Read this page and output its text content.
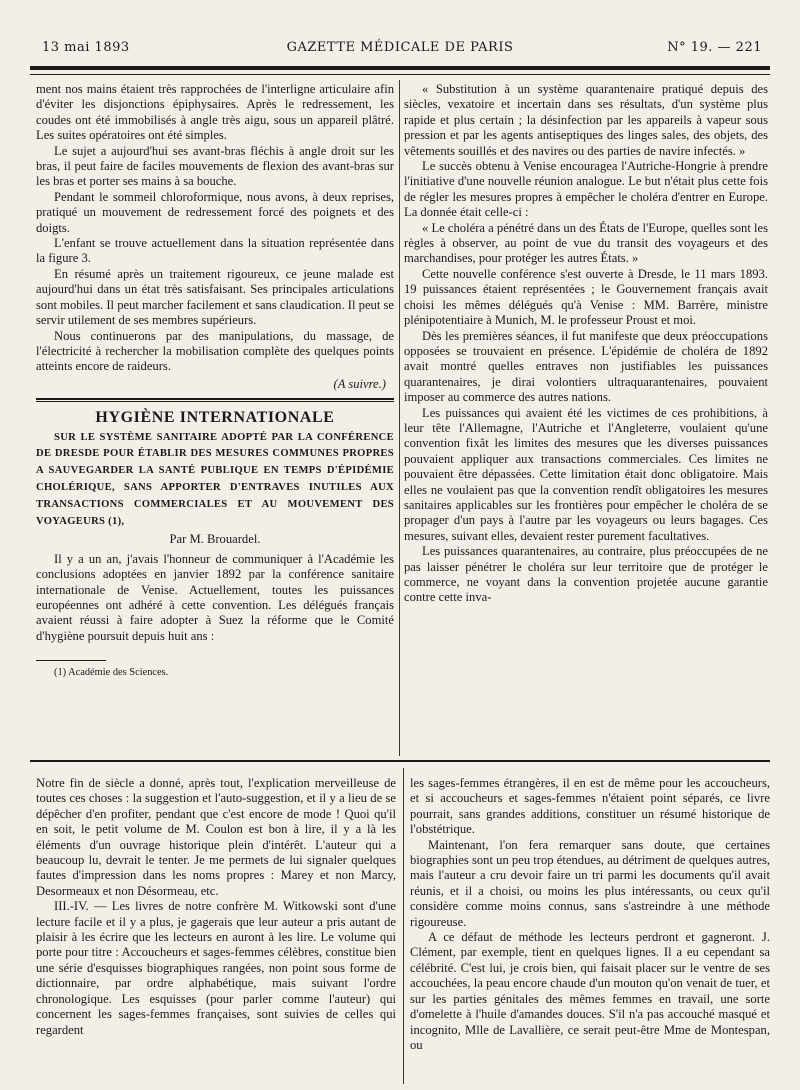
13 mai 1893	GAZETTE MÉDICALE DE PARIS	N° 19. — 221

ment nos mains étaient très rapprochées de l'interligne articulaire afin d'éviter les disjonctions épiphysaires. Après le redressement, les coudes ont été immobilisés à angle très aigu, sous un appareil plâtré. Les suites opératoires ont été simples.

Le sujet a aujourd'hui ses avant-bras fléchis à angle droit sur les bras, il peut faire de faciles mouvements de flexion des avant-bras sur les bras et porter ses mains à sa bouche.

Pendant le sommeil chloroformique, nous avons, à deux reprises, pratiqué un mouvement de redressement forcé des poignets et des doigts.

L'enfant se trouve actuellement dans la situation représentée dans la figure 3.

En résumé après un traitement rigoureux, ce jeune malade est aujourd'hui dans un état très satisfaisant. Ses principales articulations sont mobiles. Il peut marcher facilement et sans claudication. Il peut se servir utilement de ses membres supérieurs.

Nous continuerons par des manipulations, du massage, de l'électricité à rechercher la mobilisation complète des quelques points atteints encore de raideurs.

(A suivre.)
HYGIÈNE INTERNATIONALE

SUR LE SYSTÈME SANITAIRE ADOPTÉ PAR LA CONFÉRENCE DE DRESDE POUR ÉTABLIR DES MESURES COMMUNES PROPRES A SAUVEGARDER LA SANTÉ PUBLIQUE EN TEMPS D'ÉPIDÉMIE CHOLÉRIQUE, SANS APPORTER D'ENTRAVES INUTILES AUX TRANSACTIONS COMMERCIALES ET AU MOUVEMENT DES VOYAGEURS (1),

Par M. Brouardel.

Il y a un an, j'avais l'honneur de communiquer à l'Académie les conclusions adoptées en janvier 1892 par la conférence sanitaire internationale de Venise. Actuellement, toutes les puissances européennes ont adhéré à cette convention. Les délégués français avaient réussi à faire adopter à Suez la réforme que le Comité d'hygiène poursuit depuis huit ans :

(1) Académie des Sciences.

« Substitution à un système quarantenaire pratiqué depuis des siècles, vexatoire et incertain dans ses résultats, d'un système plus rapide et plus certain ; la désinfection par les appareils à vapeur sous pression et par les agents antiseptiques des linges sales, des objets, des vêtements souillés et des navires ou des parties de navire infectés. »

Le succès obtenu à Venise encouragea l'Autriche-Hongrie à prendre l'initiative d'une nouvelle réunion analogue. Le but n'était plus cette fois de régler les mesures propres à empêcher le choléra d'entrer en Europe. La donnée était celle-ci :

« Le choléra a pénétré dans un des États de l'Europe, quelles sont les règles à observer, au point de vue du transit des voyageurs et des marchandises, pour protéger les autres États. »

Cette nouvelle conférence s'est ouverte à Dresde, le 11 mars 1893. 19 puissances étaient représentées ; le Gouvernement français avait choisi les mêmes délégués qu'à Venise : MM. Barrère, ministre plénipotentiaire à Munich, M. le professeur Proust et moi.

Dès les premières séances, il fut manifeste que deux préoccupations opposées se trouvaient en présence. L'épidémie de choléra de 1892 avait montré quelles entraves non justifiables les puissances quarantenaires, je dirai volontiers ultraquarantenaires, pouvaient imposer au commerce des autres nations.

Les puissances qui avaient été les victimes de ces prohibitions, à leur tête l'Allemagne, l'Autriche et l'Angleterre, voulaient qu'une convention fixât les limites des mesures que les diverses puissances pouvaient appliquer aux transactions commerciales. Ces limites ne pouvaient être dépassées. Cette limitation était donc obligatoire. Mais elles ne voulaient pas que la convention rendît obligatoires les mesures sanitaires applicables sur les frontières pour empêcher le choléra de se propager d'un pays à l'autre par les voyageurs ou leurs bagages. Ces mesures, suivant elles, devaient rester purement facultatives.

Les puissances quarantenaires, au contraire, plus préoccupées de ne pas laisser pénétrer le choléra sur leur territoire que de protéger le commerce, ne voyant dans la convention projetée aucune garantie contre cette inva-

Notre fin de siècle a donné, après tout, l'explication merveilleuse de toutes ces choses : la suggestion et l'auto-suggestion, et il y a lieu de se dépêcher d'en profiter, pendant que c'est encore de mode ! Quoi qu'il en soit, le petit volume de M. Coulon est bon à lire, il y a là les éléments d'un ouvrage historique plein d'intérêt. L'auteur qui a beaucoup lu, devrait le tenter. Je me permets de lui signaler quelques fautes d'impression dans les noms propres : Marey et non Marcy, Desormeaux et non Désormeau, etc.

III.-IV. — Les livres de notre confrère M. Witkowski sont d'une lecture facile et il y a plus, je gagerais que leur auteur a pris autant de plaisir à les écrire que les lecteurs en auront à les lire. Le volume qui porte pour titre : Accoucheurs et sages-femmes célèbres, constitue bien une série d'esquisses biographiques rangées, non point sous forme de dictionnaire, par ordre alphabétique, mais suivant l'ordre chronologique. Les esquisses (pour parler comme l'auteur) qui concernent les sages-femmes françaises, sont suivies de celles qui regardent

les sages-femmes étrangères, il en est de même pour les accoucheurs, et si accoucheurs et sages-femmes n'étaient point séparés, ce livre pourrait, sans grandes additions, constituer un résumé historique de l'obstétrique.

Maintenant, l'on fera remarquer sans doute, que certaines biographies sont un peu trop étendues, au détriment de quelques autres, mais l'auteur a cru devoir faire un tri parmi les documents qu'il avait réunis, et il a choisi, ou moins les plus intéressants, ou ceux qu'il considère comme moins connus, sans s'astreindre à une méthode rigoureuse.

A ce défaut de méthode les lecteurs perdront et gagneront. J. Clément, par exemple, tient en quelques lignes. Il a eu cependant sa célébrité. C'est lui, je crois bien, qui faisait placer sur le ventre de ses accouchées, la peau encore chaude d'un mouton qu'on venait de tuer, et sur les parties génitales des mêmes femmes en travail, une sorte d'omelette à l'huile d'amandes douces. S'il n'a pas accouché masqué et incognito, Mlle de Lavallière, ce serait peut-être Mme de Montespan, ou
